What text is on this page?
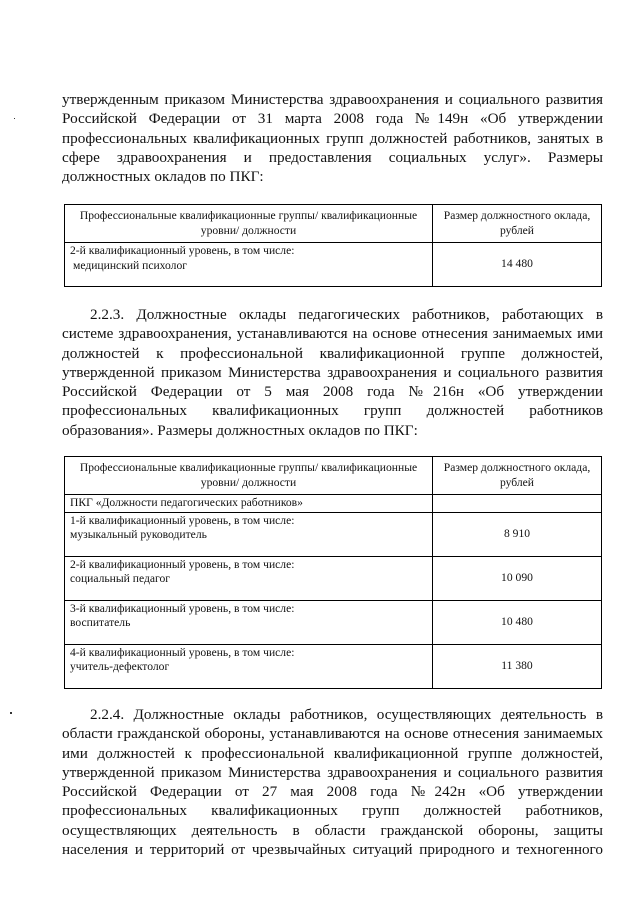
утвержденным приказом Министерства здравоохранения и социального развития
Российской Федерации от 31 марта 2008 года №149н «Об утверждении
профессиональных квалификационных групп должностей работников, занятых в
сфере здравоохранения и предоставления социальных услуг». Размеры
должностных окладов по ПКГ:
Профессиональные квалификационные группы/ квалификационные уровни/ должности	Размер должностного оклада, рублей

2-й квалификационный уровень, в том числе:
медицинский психолог	14 480
2.2.3. Должностные оклады педагогических работников, работающих в
системе здравоохранения, устанавливаются на основе отнесения занимаемых ими
должностей к профессиональной квалификационной группе должностей,
утвержденной приказом Министерства здравоохранения и социального развития
Российской Федерации от 5 мая 2008 года №216н «Об утверждении
профессиональных квалификационных групп должностей работников
образования». Размеры должностных окладов по ПКГ:
Профессиональные квалификационные группы/ квалификационные уровни/ должности	Размер должностного оклада, рублей
ПКГ «Должности педагогических работников»	

1-й квалификационный уровень, в том числе:
музыкальный руководитель	8 910

2-й квалификационный уровень, в том числе:
социальный педагог	10 090

3-й квалификационный уровень, в том числе:
воспитатель	10 480

4-й квалификационный уровень, в том числе:
учитель-дефектолог	11 380
2.2.4. Должностные оклады работников, осуществляющих деятельность в
области гражданской обороны, устанавливаются на основе отнесения занимаемых
ими должностей к профессиональной квалификационной группе должностей,
утвержденной приказом Министерства здравоохранения и социального развития
Российской Федерации от 27 мая 2008 года №242н «Об утверждении
профессиональных квалификационных групп должностей работников,
осуществляющих деятельность в области гражданской обороны, защиты
населения и территорий от чрезвычайных ситуаций природного и техногенного
